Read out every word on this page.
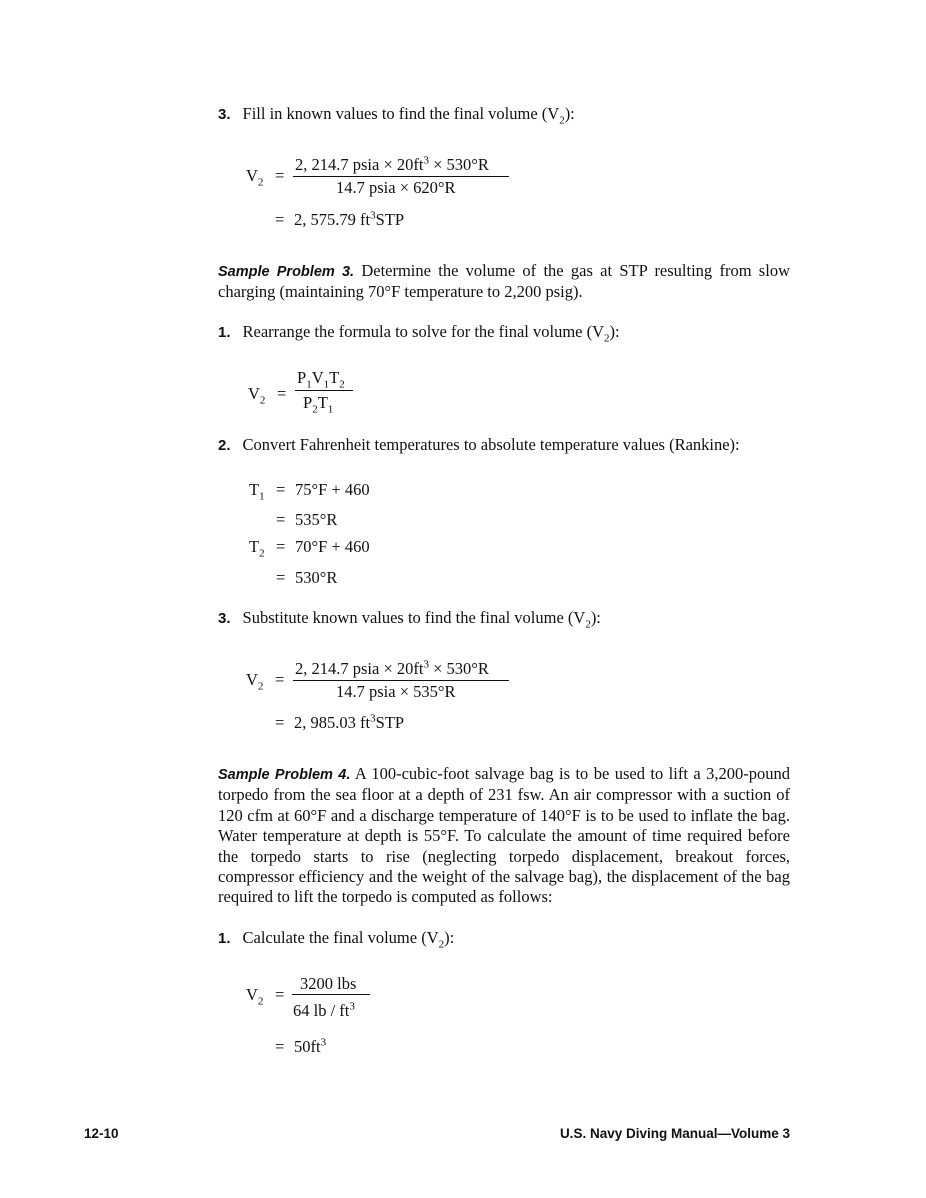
3. Fill in known values to find the final volume $(V_2)$:
$V_2$ =
2, 214.7 psia × $20ft^3 \times 530^\circ R$
14.7 psia × 620°R
= 2, 575.79 $ft^3STP$
Sample Problem 3. Determine the volume of the gas at STP resulting from slow charging (maintaining 70°F temperature to 2,200 psig).
1. Rearrange the formula to solve for the final volume $(V_2)$:
$V_2$ =
$P_1V_1T_2$
$P_2T_1$
2. Convert Fahrenheit temperatures to absolute temperature values (Rankine):
$T_1 = 75^\circ F + 460$
= 535°R
$T_2 = 70^\circ F + 460$
= 530°R
3. Substitute known values to find the final volume $(V_2)$:
$V_2$ =
2, 214.7 psia × $20ft^3 \times 530^\circ R$
14.7 psia × 535°R
= 2, 985.03 $ft^3STP$
Sample Problem 4. A 100-cubic-foot salvage bag is to be used to lift a 3,200-pound torpedo from the sea floor at a depth of 231 fsw. An air compressor with a suction of 120 cfm at 60°F and a discharge temperature of 140°F is to be used to inflate the bag. Water temperature at depth is 55°F. To calculate the amount of time required before the torpedo starts to rise (neglecting torpedo displacement, breakout forces, compressor efficiency and the weight of the salvage bag), the displacement of the bag required to lift the torpedo is computed as follows:
1. Calculate the final volume $(V_2)$:
$V_2$ =
3200 lbs
64 lb / $ft^3$
= $50ft^3$
12-10	U.S. Navy Diving Manual—Volume 3
